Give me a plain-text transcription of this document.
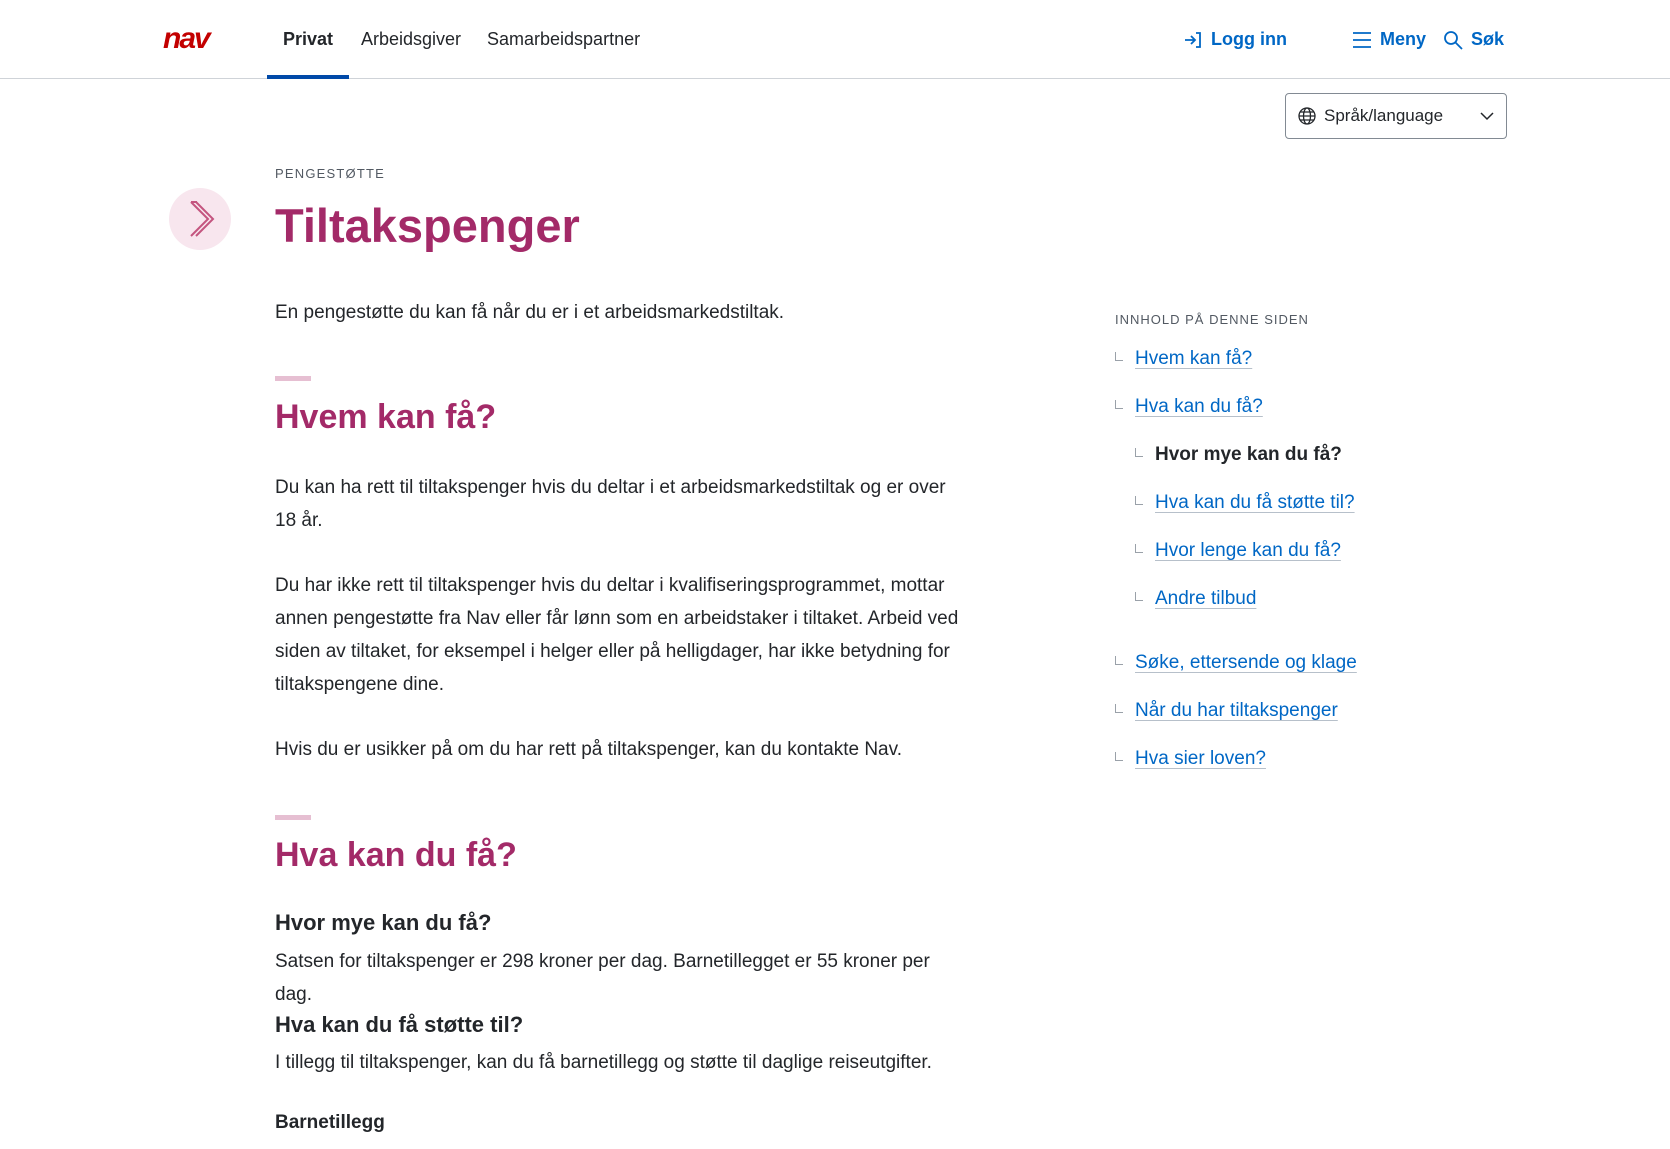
nav	Privat Arbeidsgiver Samarbeidspartner	Logg inn	Meny Søk
Språk/language
PENGESTØTTE
Tiltakspenger
En pengestøtte du kan få når du er i et arbeidsmarkedstiltak.
Hvem kan få?
Du kan ha rett til tiltakspenger hvis du deltar i et arbeidsmarkedstiltak og er over 18 år.
Du har ikke rett til tiltakspenger hvis du deltar i kvalifiseringsprogrammet, mottar annen pengestøtte fra Nav eller får lønn som en arbeidstaker i tiltaket. Arbeid ved siden av tiltaket, for eksempel i helger eller på helligdager, har ikke betydning for tiltakspengene dine.
Hvis du er usikker på om du har rett på tiltakspenger, kan du kontakte Nav.
Hva kan du få?
Hvor mye kan du få?
Satsen for tiltakspenger er 298 kroner per dag. Barnetillegget er 55 kroner per dag.
Hva kan du få støtte til?
I tillegg til tiltakspenger, kan du få barnetillegg og støtte til daglige reiseutgifter.
Barnetillegg
INNHOLD PÅ DENNE SIDEN
Hvem kan få?
Hva kan du få?
Hvor mye kan du få?
Hva kan du få støtte til?
Hvor lenge kan du få?
Andre tilbud
Søke, ettersende og klage
Når du har tiltakspenger
Hva sier loven?
